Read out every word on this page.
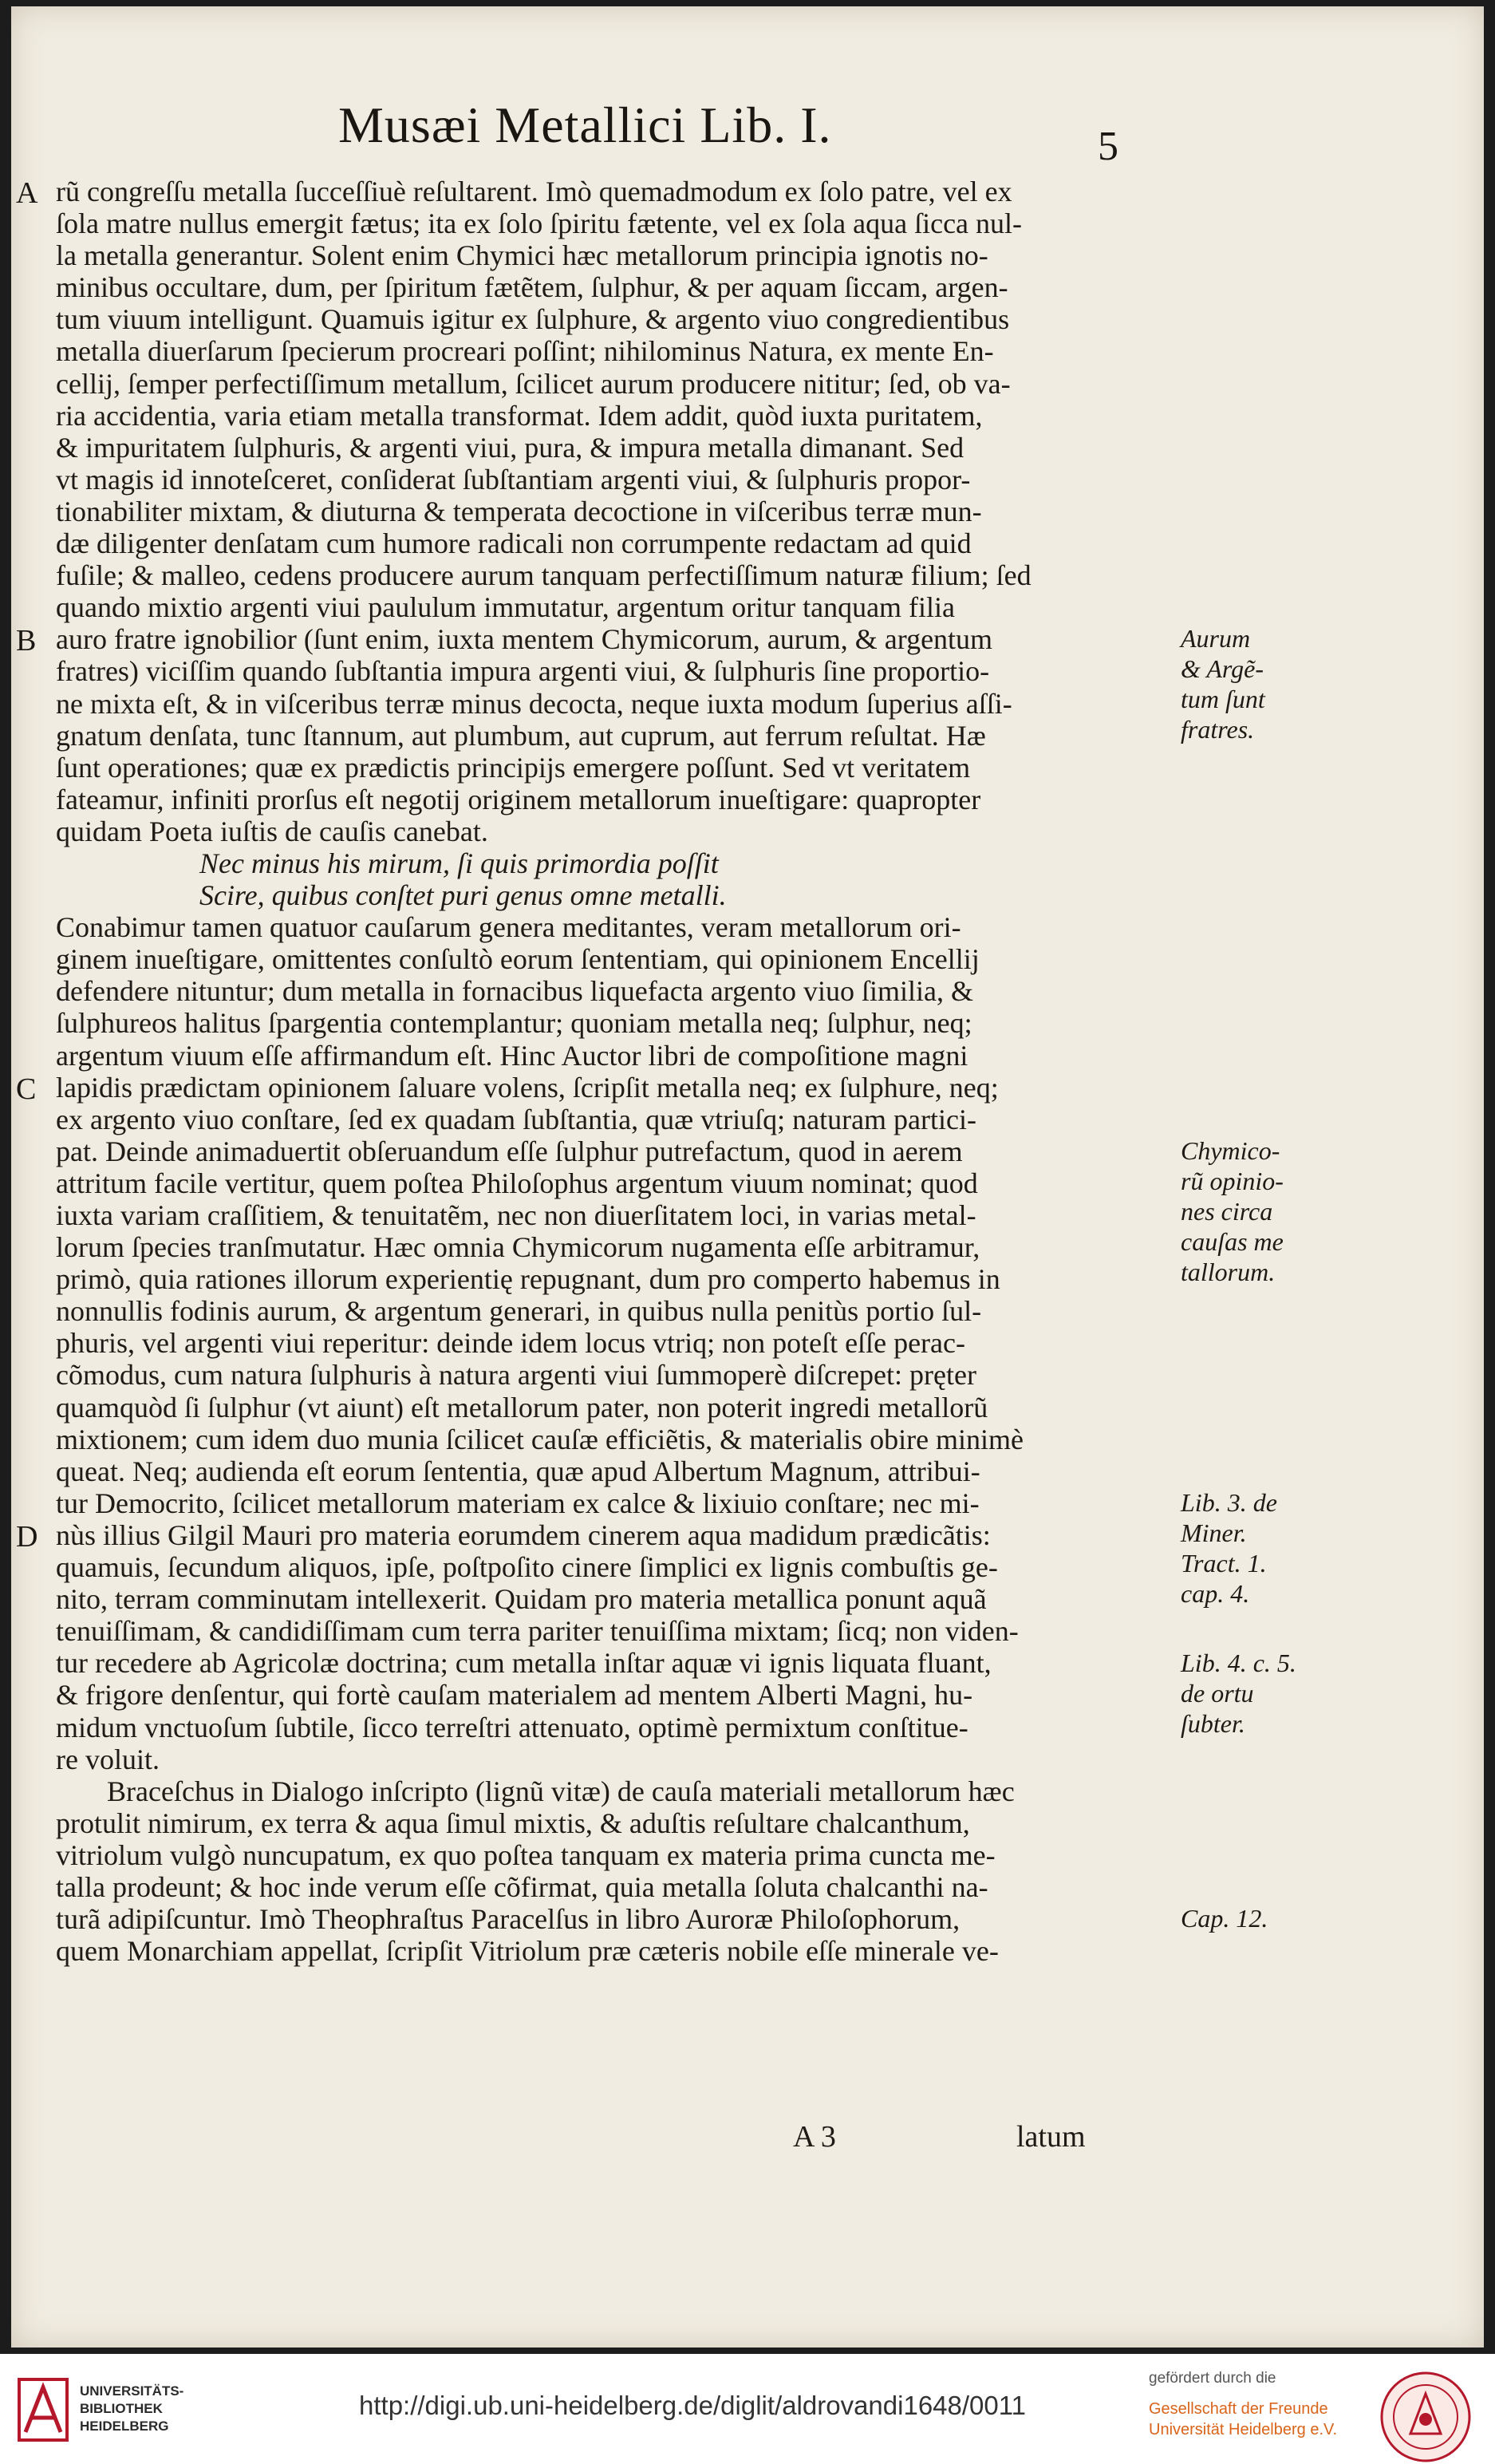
Musæi Metallici Lib. I.	5
A rũ congreſſu metalla ſucceſſiuè reſultarent. Imò quemadmodum ex ſolo patre, vel ex
ſola matre nullus emergit fætus; ita ex ſolo ſpiritu fætente, vel ex ſola aqua ſicca nul-
la metalla generantur. Solent enim Chymici hæc metallorum principia ignotis no-
minibus occultare, dum, per ſpiritum fætẽtem, ſulphur, & per aquam ſiccam, argen-
tum viuum intelligunt. Quamuis igitur ex ſulphure, & argento viuo congredientibus
metalla diuerſarum ſpecierum procreari poſſint; nihilominus Natura, ex mente En-
cellij, ſemper perfectiſſimum metallum, ſcilicet aurum producere nititur; ſed, ob va-
ria accidentia, varia etiam metalla transformat. Idem addit, quòd iuxta puritatem,
& impuritatem ſulphuris, & argenti viui, pura, & impura metalla dimanant. Sed
vt magis id innoteſceret, conſiderat ſubſtantiam argenti viui, & ſulphuris propor-
tionabiliter mixtam, & diuturna & temperata decoctione in viſceribus terræ mun-
dæ diligenter denſatam cum humore radicali non corrumpente redactam ad quid
fuſile; & malleo, cedens producere aurum tanquam perfectiſſimum naturæ filium; ſed
quando mixtio argenti viui paululum immutatur, argentum oritur tanquam filia
B auro fratre ignobilior (ſunt enim, iuxta mentem Chymicorum, aurum, & argentum
fratres) viciſſim quando ſubſtantia impura argenti viui, & ſulphuris ſine proportio-
ne mixta eſt, & in viſceribus terræ minus decocta, neque iuxta modum ſuperius aſſi-
gnatum denſata, tunc ſtannum, aut plumbum, aut cuprum, aut ferrum reſultat. Hæ
ſunt operationes; quæ ex prædictis principijs emergere poſſunt. Sed vt veritatem
fateamur, infiniti prorſus eſt negotij originem metallorum inueſtigare: quapropter
quidam Poeta iuſtis de cauſis canebat.
Nec minus his mirum, ſi quis primordia poſſit
Scire, quibus conſtet puri genus omne metalli.
Conabimur tamen quatuor cauſarum genera meditantes, veram metallorum ori-
ginem inueſtigare, omittentes conſultò eorum ſententiam, qui opinionem Encellij
defendere nituntur; dum metalla in fornacibus liquefacta argento viuo ſimilia, &
ſulphureos halitus ſpargentia contemplantur; quoniam metalla neq; ſulphur, neq;
argentum viuum eſſe affirmandum eſt. Hinc Auctor libri de compoſitione magni
C lapidis prædictam opinionem ſaluare volens, ſcripſit metalla neq; ex ſulphure, neq;
ex argento viuo conſtare, ſed ex quadam ſubſtantia, quæ vtriuſq; naturam partici-
pat. Deinde animaduertit obſeruandum eſſe ſulphur putrefactum, quod in aerem
attritum facile vertitur, quem poſtea Philoſophus argentum viuum nominat; quod
iuxta variam craſſitiem, & tenuitatẽm, nec non diuerſitatem loci, in varias metal-
lorum ſpecies tranſmutatur. Hæc omnia Chymicorum nugamenta eſſe arbitramur,
primò, quia rationes illorum experientię repugnant, dum pro comperto habemus in
nonnullis fodinis aurum, & argentum generari, in quibus nulla penitùs portio ſul-
phuris, vel argenti viui reperitur: deinde idem locus vtriq; non poteſt eſſe perac-
cõmodus, cum natura ſulphuris à natura argenti viui ſummoperè diſcrepet: pręter
quamquòd ſi ſulphur (vt aiunt) eſt metallorum pater, non poterit ingredi metallorũ
mixtionem; cum idem duo munia ſcilicet cauſæ efficiẽtis, & materialis obire minimè
queat. Neq; audienda eſt eorum ſententia, quæ apud Albertum Magnum, attribui-
tur Democrito, ſcilicet metallorum materiam ex calce & lixiuio conſtare; nec mi-
D nùs illius Gilgil Mauri pro materia eorumdem cinerem aqua madidum prædicãtis:
quamuis, ſecundum aliquos, ipſe, poſtpoſito cinere ſimplici ex lignis combuſtis ge-
nito, terram comminutam intellexerit. Quidam pro materia metallica ponunt aquã
tenuiſſimam, & candidiſſimam cum terra pariter tenuiſſima mixtam; ſicq; non viden-
tur recedere ab Agricolæ doctrina; cum metalla inſtar aquæ vi ignis liquata fluant,
& frigore denſentur, qui fortè cauſam materialem ad mentem Alberti Magni, hu-
midum vnctuoſum ſubtile, ſicco terreſtri attenuato, optimè permixtum conſtitue-
re voluit.
Braceſchus in Dialogo inſcripto (lignũ vitæ) de cauſa materiali metallorum hæc
protulit nimirum, ex terra & aqua ſimul mixtis, & aduſtis reſultare chalcanthum,
vitriolum vulgò nuncupatum, ex quo poſtea tanquam ex materia prima cuncta me-
talla prodeunt; & hoc inde verum eſſe cõfirmat, quia metalla ſoluta chalcanthi na-
turã adipiſcuntur. Imò Theophraſtus Paracelſus in libro Auroræ Philoſophorum,
quem Monarchiam appellat, ſcripſit Vitriolum præ cæteris nobile eſſe minerale ve-
Aurum
& Argẽ-
tum ſunt
fratres.
Chymico-
rũ opinio-
nes circa
cauſas me
tallorum.
Lib. 3. de
Miner.
Tract. 1.
cap. 4.
Lib. 4. c. 5.
de ortu
ſubter.
Cap. 12.
A 3	latum
UNIVERSITÄTS-
BIBLIOTHEK
HEIDELBERG
http://digi.ub.uni-heidelberg.de/diglit/aldrovandi1648/0011
gefördert durch die
Gesellschaft der Freunde
Universität Heidelberg e.V.
